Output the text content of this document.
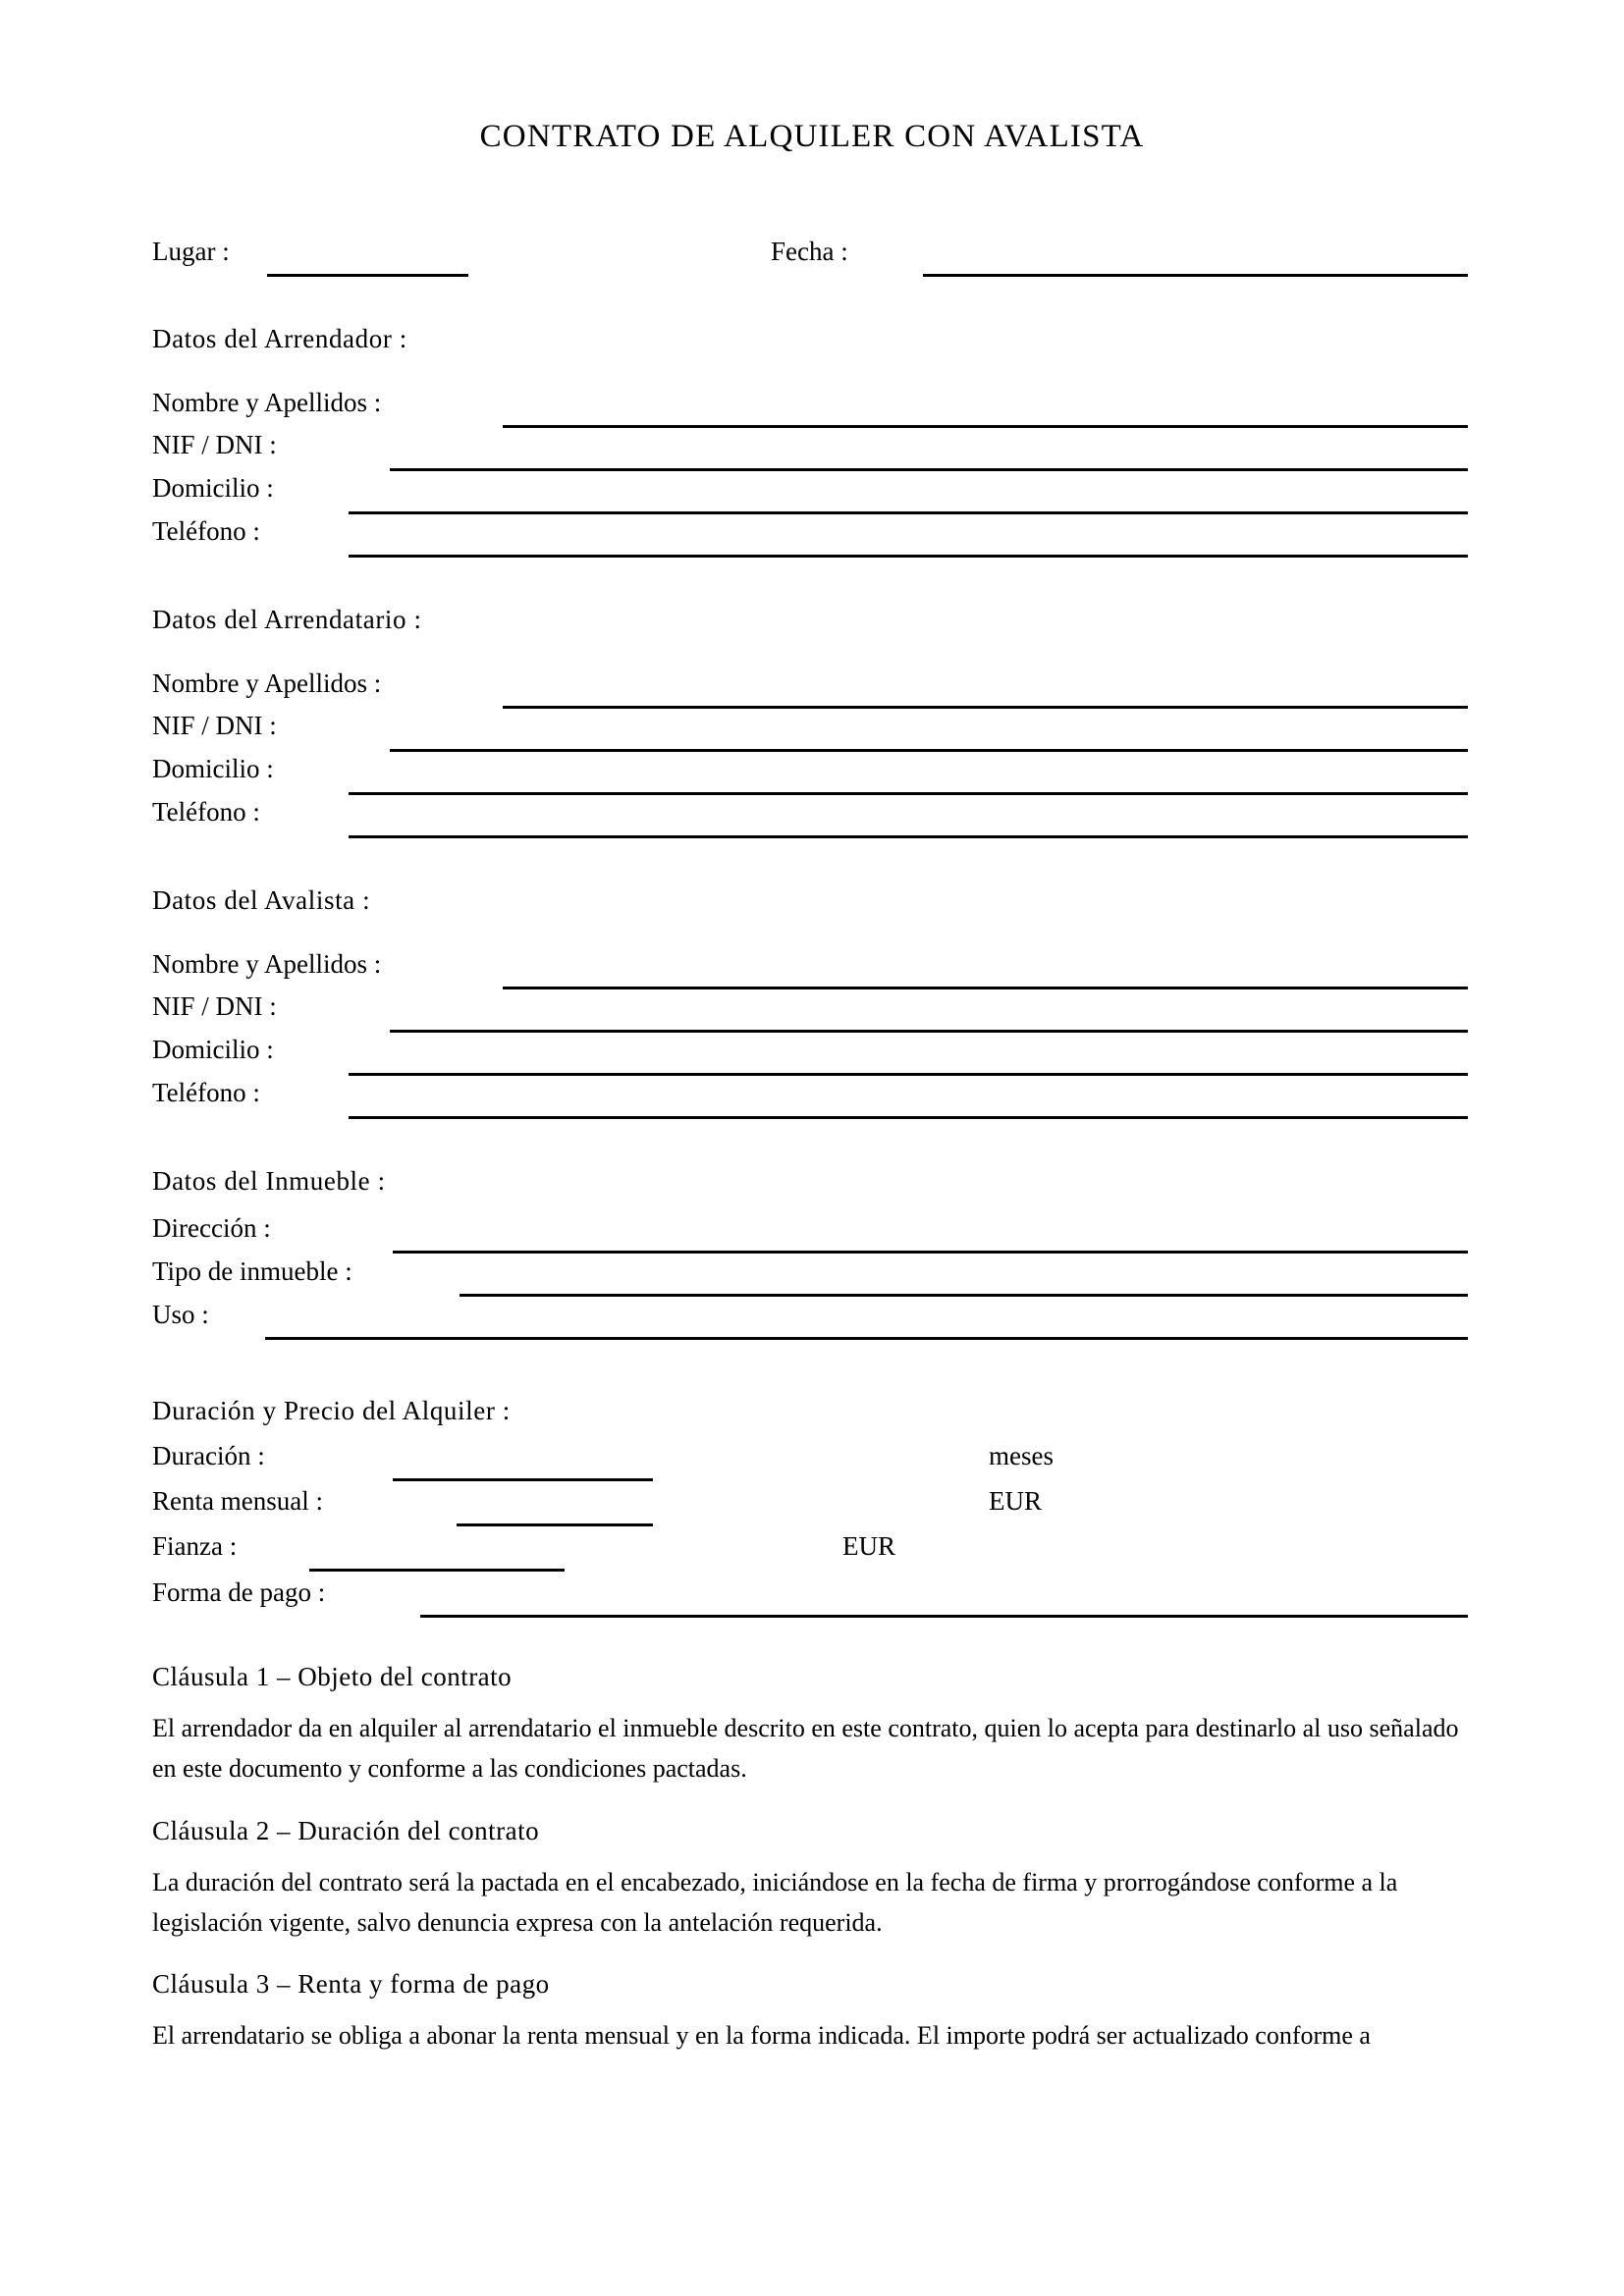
CONTRATO DE ALQUILER CON AVALISTA
Lugar :	Fecha :
Datos del Arrendador :
Nombre y Apellidos :
NIF / DNI :
Domicilio :
Teléfono :
Datos del Arrendatario :
Nombre y Apellidos :
NIF / DNI :
Domicilio :
Teléfono :
Datos del Avalista :
Nombre y Apellidos :
NIF / DNI :
Domicilio :
Teléfono :
Datos del Inmueble :
Dirección :
Tipo de inmueble :
Uso :
Duración y Precio del Alquiler :
Duración :	meses
Renta mensual :	EUR
Fianza :	EUR
Forma de pago :
Cláusula 1 – Objeto del contrato
El arrendador da en alquiler al arrendatario el inmueble descrito en este contrato, quien lo acepta para destinarlo al uso señalado en este documento y conforme a las condiciones pactadas.
Cláusula 2 – Duración del contrato
La duración del contrato será la pactada en el encabezado, iniciándose en la fecha de firma y prorrogándose conforme a la legislación vigente, salvo denuncia expresa con la antelación requerida.
Cláusula 3 – Renta y forma de pago
El arrendatario se obliga a abonar la renta mensual y en la forma indicada. El importe podrá ser actualizado conforme a
